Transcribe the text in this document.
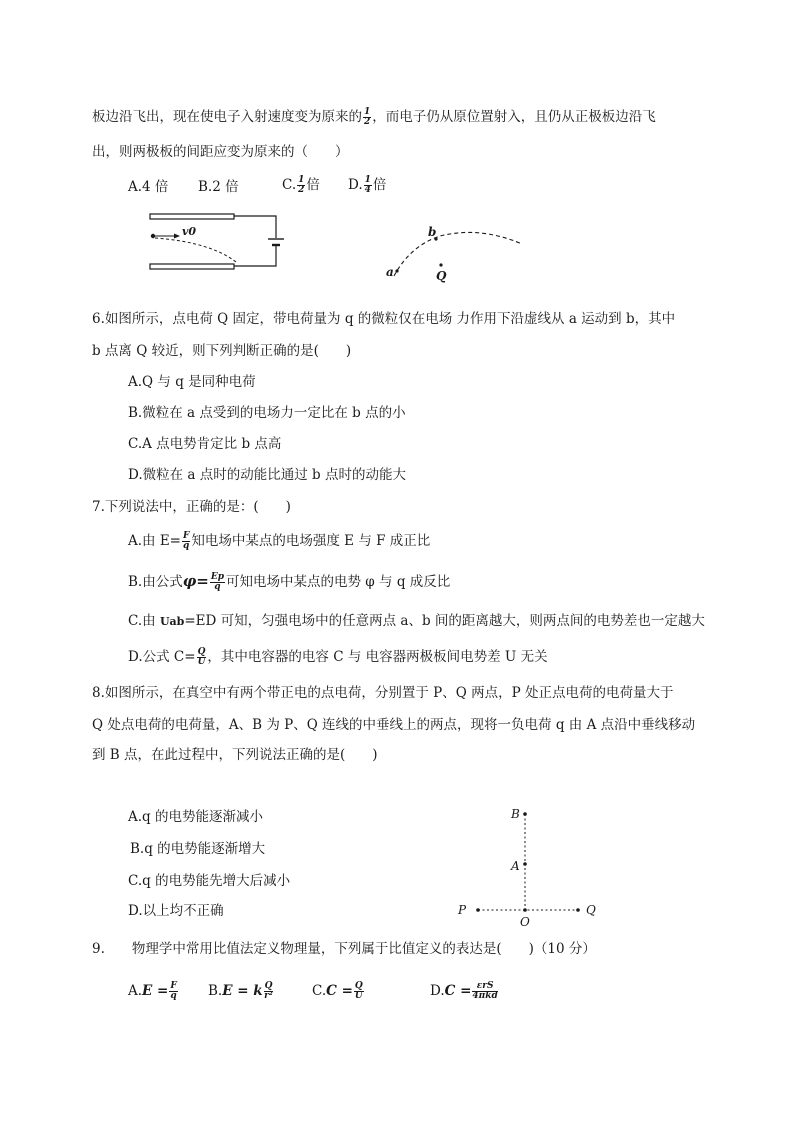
板边沿飞出，现在使电子入射速度变为原来的 $\frac{1}{2}$ ，而电子仍从原位置射入，且仍从正极板边沿飞
出，则两极板的间距应变为原来的（　　）
A.4 倍 B.2 倍	C. $\frac{1}{2}$ 倍 D. $\frac{1}{4}$ 倍
v0
a
b
Q
6.如图所示，点电荷 Q 固定，带电荷量为 q 的微粒仅在电场 力作用下沿虚线从 a 运动到 b，其中
b 点离 Q 较近，则下列判断正确的是(　　)
A.Q 与 q 是同种电荷
B.微粒在 a 点受到的电场力一定比在 b 点的小
C.A 点电势肯定比 b 点高
D.微粒在 a 点时的动能比通过 b 点时的动能大
7.下列说法中，正确的是：(　　)
A.由 $E= \frac{F}{q}$ 知电场中某点的电场强度 E 与 F 成正比
B.由公式$\varphi= \frac{Ep}{q}$ 可知电场中某点的电势 φ 与 q 成反比
C.由 Uab=ED 可知，匀强电场中的任意两点 a、b 间的距离越大，则两点间的电势差也一定越大
D.公式 $C= \frac{Q}{U}$ ，其中电容器的电容 C 与 电容器两极板间电势差 U 无关
8.如图所示，在真空中有两个带正电的点电荷，分别置于 P、Q 两点，P 处正点电荷的电荷量大于
Q 处点电荷的电荷量，A、B 为 P、Q 连线的中垂线上的两点，现将一负电荷 q 由 A 点沿中垂线移动
到 B 点，在此过程中，下列说法正确的是(　　)
A.q 的电势能逐渐减小
B.q 的电势能逐渐增大
C.q 的电势能先增大后减小
D.以上均不正确
B
A
P
O
Q
9.　　物理学中常用比值法定义物理量，下列属于比值定义的表达是(　　)（10 分）
$A.E = \frac{F}{q} B.E = k \frac{Q}{\text{r²}}$	$C.C = \frac{Q}{U}$	$D.C = \frac{\text{εrS}}{\text{4πkd}}$
